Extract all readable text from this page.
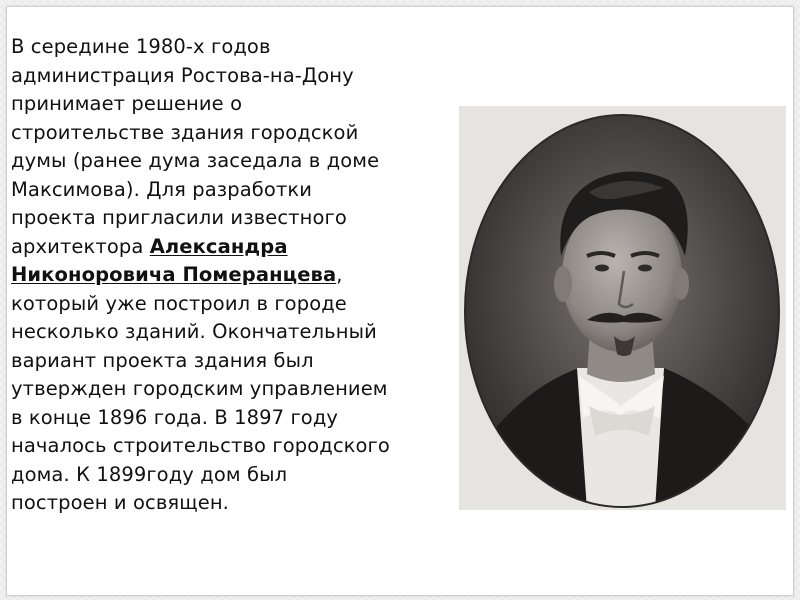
В середине 1980-х годов
администрация Ростова-на-Дону
принимает решение о
строительстве здания городской
думы (ранее дума заседала в доме
Максимова). Для разработки
проекта пригласили известного
архитектора Александра
Никоноровича Померанцева,
который уже построил в городе
несколько зданий. Окончательный
вариант проекта здания был
утвержден городским управлением
в конце 1896 года. В 1897 году
началось строительство городского
дома. К 1899году дом был
построен и освящен.
